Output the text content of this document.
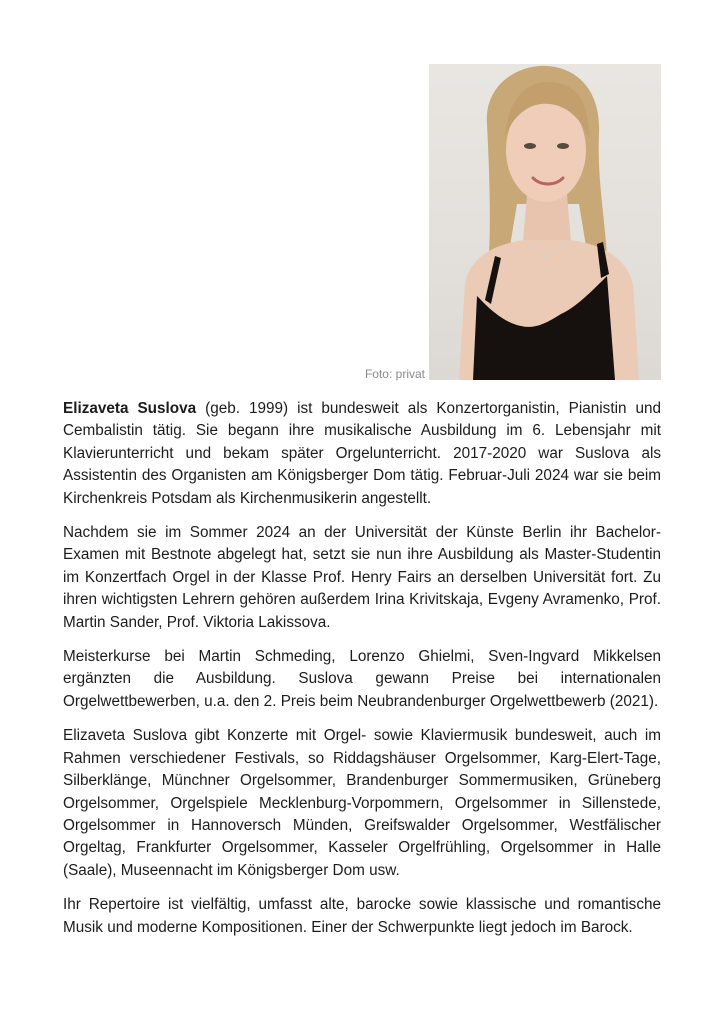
Foto: privat

Elizaveta Suslova (geb. 1999) ist bundesweit als Konzertorganistin, Pianistin und Cembalistin tätig. Sie begann ihre musikalische Ausbildung im 6. Lebensjahr mit Klavierunterricht und bekam später Orgelunterricht. 2017-2020 war Suslova als Assistentin des Organisten am Königsberger Dom tätig. Februar-Juli 2024 war sie beim Kirchenkreis Potsdam als Kirchenmusikerin angestellt.

Nachdem sie im Sommer 2024 an der Universität der Künste Berlin ihr Bachelor-Examen mit Bestnote abgelegt hat, setzt sie nun ihre Ausbildung als Master-Studentin im Konzertfach Orgel in der Klasse Prof. Henry Fairs an derselben Universität fort. Zu ihren wichtigsten Lehrern gehören außerdem Irina Krivitskaja, Evgeny Avramenko, Prof. Martin Sander, Prof. Viktoria Lakissova.

Meisterkurse bei Martin Schmeding, Lorenzo Ghielmi, Sven-Ingvard Mikkelsen ergänzten die Ausbildung. Suslova gewann Preise bei internationalen Orgelwettbewerben, u.a. den 2. Preis beim Neubrandenburger Orgelwettbewerb (2021).

Elizaveta Suslova gibt Konzerte mit Orgel- sowie Klaviermusik bundesweit, auch im Rahmen verschiedener Festivals, so Riddagshäuser Orgelsommer, Karg-Elert-Tage, Silberklänge, Münchner Orgelsommer, Brandenburger Sommermusiken, Grüneberg Orgelsommer, Orgelspiele Mecklenburg-Vorpommern, Orgelsommer in Sillenstede, Orgelsommer in Hannoversch Münden, Greifswalder Orgelsommer, Westfälischer Orgeltag, Frankfurter Orgelsommer, Kasseler Orgelfrühling, Orgelsommer in Halle (Saale), Museennacht im Königsberger Dom usw.

Ihr Repertoire ist vielfältig, umfasst alte, barocke sowie klassische und romantische Musik und moderne Kompositionen. Einer der Schwerpunkte liegt jedoch im Barock.
